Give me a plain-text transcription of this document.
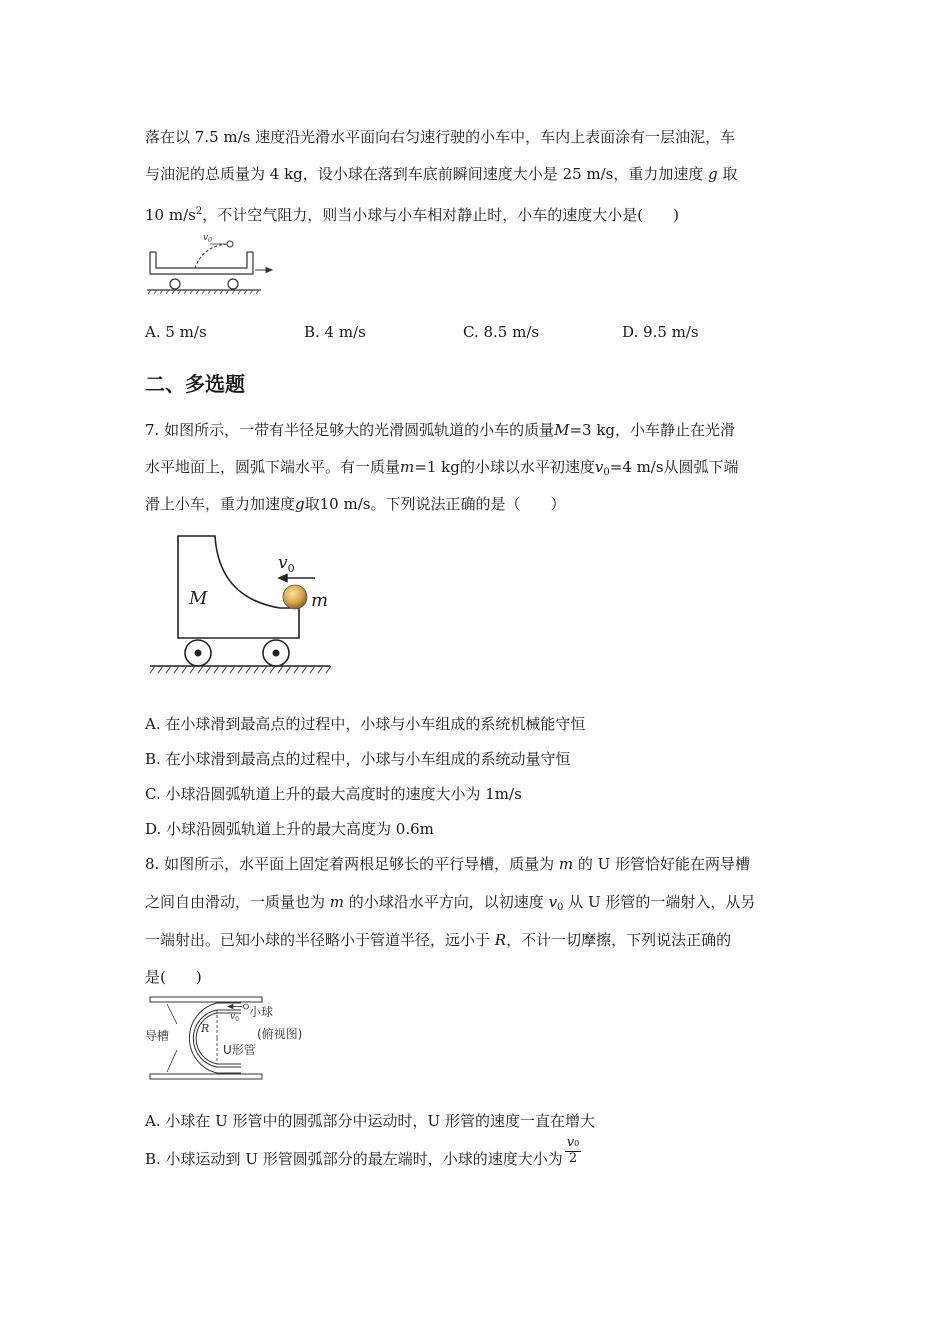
落在以 7.5 m/s 速度沿光滑水平面向右匀速行驶的小车中，车内上表面涂有一层油泥，车
与油泥的总质量为 4 kg，设小球在落到车底前瞬间速度大小是 25 m/s，重力加速度 g 取
10 $m/s^2$，不计空气阻力，则当小球与小车相对静止时，小车的速度大小是(　　)
$v_0$
A. 5 m/s	B. 4 m/s	C. 8.5 m/s	D. 9.5 m/s
二、多选题
7. 如图所示，一带有半径足够大的光滑圆弧轨道的小车的质量M=3 kg，小车静止在光滑
水平地面上，圆弧下端水平。有一质量m=1 kg的小球以水平初速度$v_0=4$ m/s从圆弧下端
滑上小车，重力加速度g取10 m/s。下列说法正确的是（　　）
$v_0$
M	m
A. 在小球滑到最高点的过程中，小球与小车组成的系统机械能守恒
B. 在小球滑到最高点的过程中，小球与小车组成的系统动量守恒
C. 小球沿圆弧轨道上升的最大高度时的速度大小为 1m/s
D. 小球沿圆弧轨道上升的最大高度为 0.6m
8. 如图所示，水平面上固定着两根足够长的平行导槽，质量为 m 的 U 形管恰好能在两导槽
之间自由滑动，一质量也为 m 的小球沿水平方向，以初速度 $v_0$ 从 U 形管的一端射入，从另
一端射出。已知小球的半径略小于管道半径，远小于 R，不计一切摩擦，下列说法正确的
是(　　)
$v_0$
R
导槽
小球
(俯视图)
U形管
A. 小球在 U 形管中的圆弧部分中运动时，U 形管的速度一直在增大
B. 小球运动到 U 形管圆弧部分的最左端时，小球的速度大小为 $\frac{v0}{2}$
